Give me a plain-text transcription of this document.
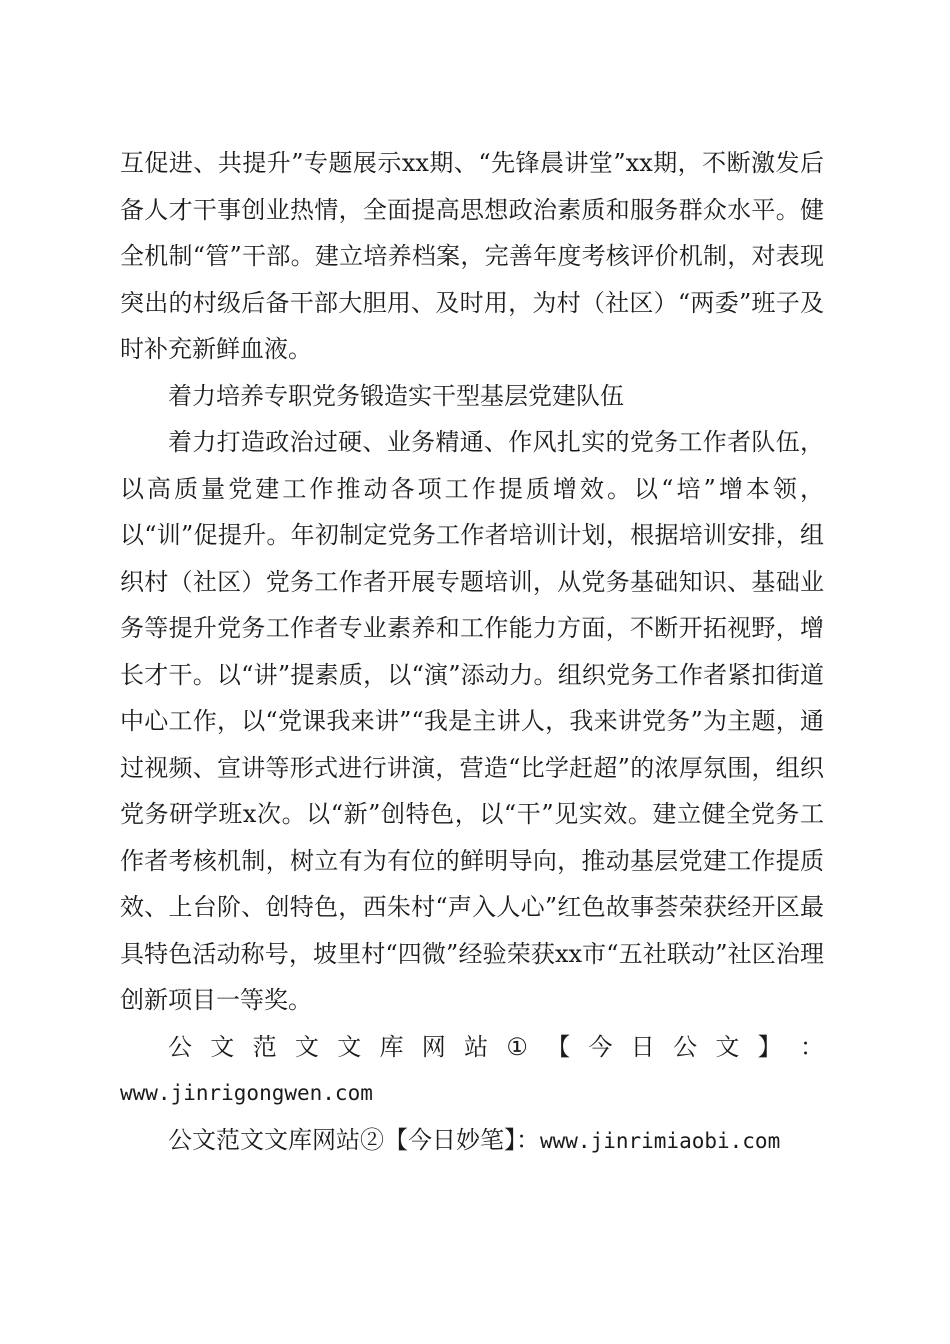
互促进、共提升”专题展示xx期、“先锋晨讲堂”xx期，不断激发后备人才干事创业热情，全面提高思想政治素质和服务群众水平。健全机制“管”干部。建立培养档案，完善年度考核评价机制，对表现突出的村级后备干部大胆用、及时用，为村（社区）“两委”班子及时补充新鲜血液。

着力培养专职党务锻造实干型基层党建队伍

着力打造政治过硬、业务精通、作风扎实的党务工作者队伍，以高质量党建工作推动各项工作提质增效。以“培”增本领，以“训”促提升。年初制定党务工作者培训计划，根据培训安排，组织村（社区）党务工作者开展专题培训，从党务基础知识、基础业务等提升党务工作者专业素养和工作能力方面，不断开拓视野，增长才干。以“讲”提素质，以“演”添动力。组织党务工作者紧扣街道中心工作，以“党课我来讲”“我是主讲人，我来讲党务”为主题，通过视频、宣讲等形式进行讲演，营造“比学赶超”的浓厚氛围，组织党务研学班x次。以“新”创特色，以“干”见实效。建立健全党务工作者考核机制，树立有为有位的鲜明导向，推动基层党建工作提质效、上台阶、创特色，西朱村“声入人心”红色故事荟荣获经开区最具特色活动称号，坡里村“四微”经验荣获xx市“五社联动”社区治理创新项目一等奖。

公 文 范 文 文 库 网 站 ① 【 今 日 公 文 】 ：
www.jinrigongwen.com
公文范文文库网站②【今日妙笔】：www.jinrimiaobi.com
